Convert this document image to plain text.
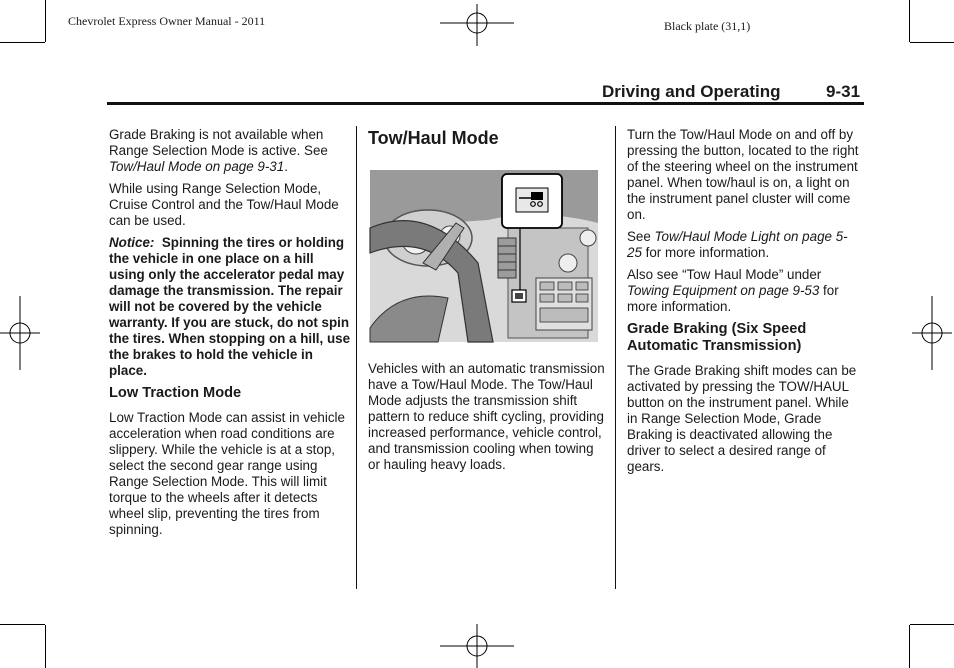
Chevrolet Express Owner Manual - 2011	Black plate (31,1)
Driving and Operating	9-31

Grade Braking is not available when Range Selection Mode is active. See Tow/Haul Mode on page 9-31.

While using Range Selection Mode, Cruise Control and the Tow/Haul Mode can be used.

Notice: Spinning the tires or holding the vehicle in one place on a hill using only the accelerator pedal may damage the transmission. The repair will not be covered by the vehicle warranty. If you are stuck, do not spin the tires. When stopping on a hill, use the brakes to hold the vehicle in place.

Low Traction Mode

Low Traction Mode can assist in vehicle acceleration when road conditions are slippery. While the vehicle is at a stop, select the second gear range using Range Selection Mode. This will limit torque to the wheels after it detects wheel slip, preventing the tires from spinning.

Tow/Haul Mode

Vehicles with an automatic transmission have a Tow/Haul Mode. The Tow/Haul Mode adjusts the transmission shift pattern to reduce shift cycling, providing increased performance, vehicle control, and transmission cooling when towing or hauling heavy loads.

Turn the Tow/Haul Mode on and off by pressing the button, located to the right of the steering wheel on the instrument panel. When tow/haul is on, a light on the instrument panel cluster will come on.

See Tow/Haul Mode Light on page 5-25 for more information.

Also see “Tow Haul Mode” under Towing Equipment on page 9-53 for more information.

Grade Braking (Six Speed Automatic Transmission)

The Grade Braking shift modes can be activated by pressing the TOW/HAUL button on the instrument panel. While in Range Selection Mode, Grade Braking is deactivated allowing the driver to select a desired range of gears.
